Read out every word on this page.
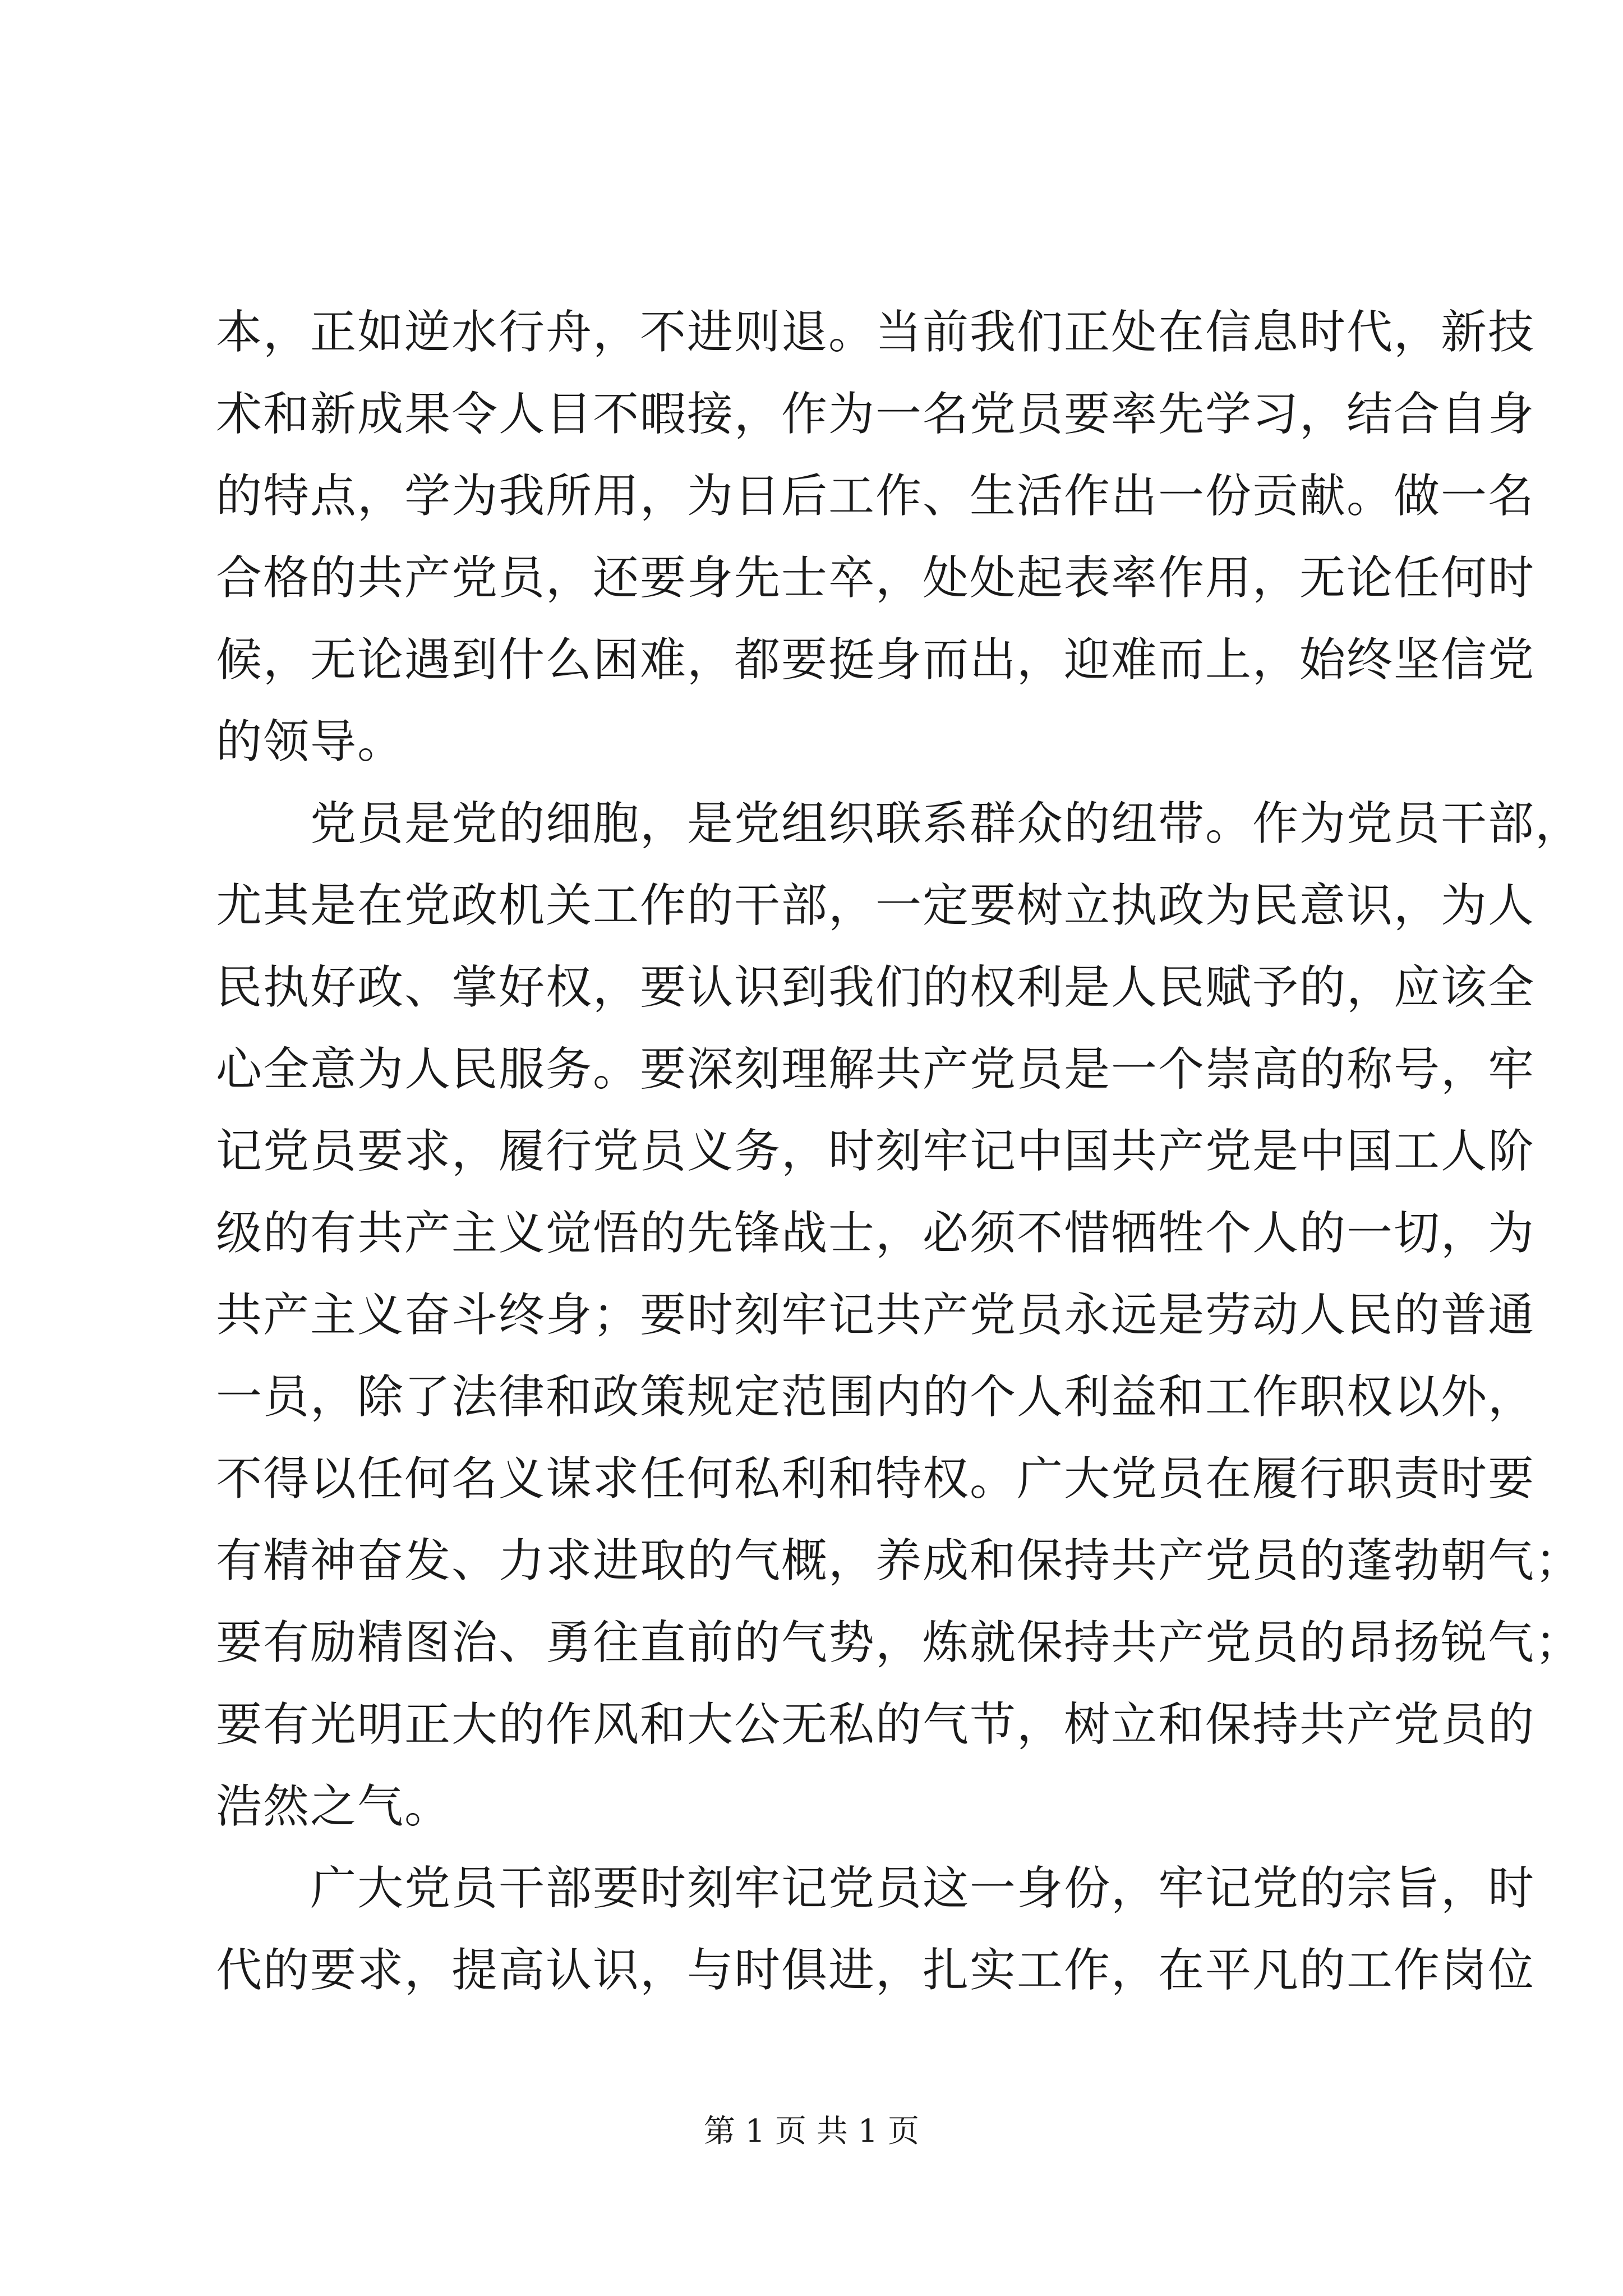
本，正如逆水行舟，不进则退。当前我们正处在信息时代，新技
术和新成果令人目不暇接，作为一名党员要率先学习，结合自身
的特点，学为我所用，为日后工作、生活作出一份贡献。做一名
合格的共产党员，还要身先士卒，处处起表率作用，无论任何时
候，无论遇到什么困难，都要挺身而出，迎难而上，始终坚信党
的领导。
　　党员是党的细胞，是党组织联系群众的纽带。作为党员干部，
尤其是在党政机关工作的干部，一定要树立执政为民意识，为人
民执好政、掌好权，要认识到我们的权利是人民赋予的，应该全
心全意为人民服务。要深刻理解共产党员是一个崇高的称号，牢
记党员要求，履行党员义务，时刻牢记中国共产党是中国工人阶
级的有共产主义觉悟的先锋战士，必须不惜牺牲个人的一切，为
共产主义奋斗终身；要时刻牢记共产党员永远是劳动人民的普通
一员，除了法律和政策规定范围内的个人利益和工作职权以外，
不得以任何名义谋求任何私利和特权。广大党员在履行职责时要
有精神奋发、力求进取的气概，养成和保持共产党员的蓬勃朝气；
要有励精图治、勇往直前的气势，炼就保持共产党员的昂扬锐气；
要有光明正大的作风和大公无私的气节，树立和保持共产党员的
浩然之气。
　　广大党员干部要时刻牢记党员这一身份，牢记党的宗旨，时
代的要求，提高认识，与时俱进，扎实工作，在平凡的工作岗位
第 1 页 共 1 页
